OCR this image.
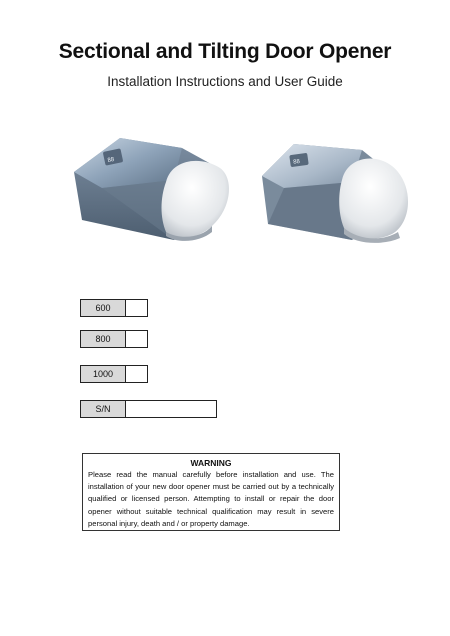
Sectional and Tilting Door Opener
Installation Instructions and User Guide
88	88
600
800
1000
S/N
WARNING
Please read the manual carefully before installation and use. The installation of your new door opener must be carried out by a technically qualified or licensed person. Attempting to install or repair the door opener without suitable technical qualification may result in severe personal injury, death and / or property damage.
